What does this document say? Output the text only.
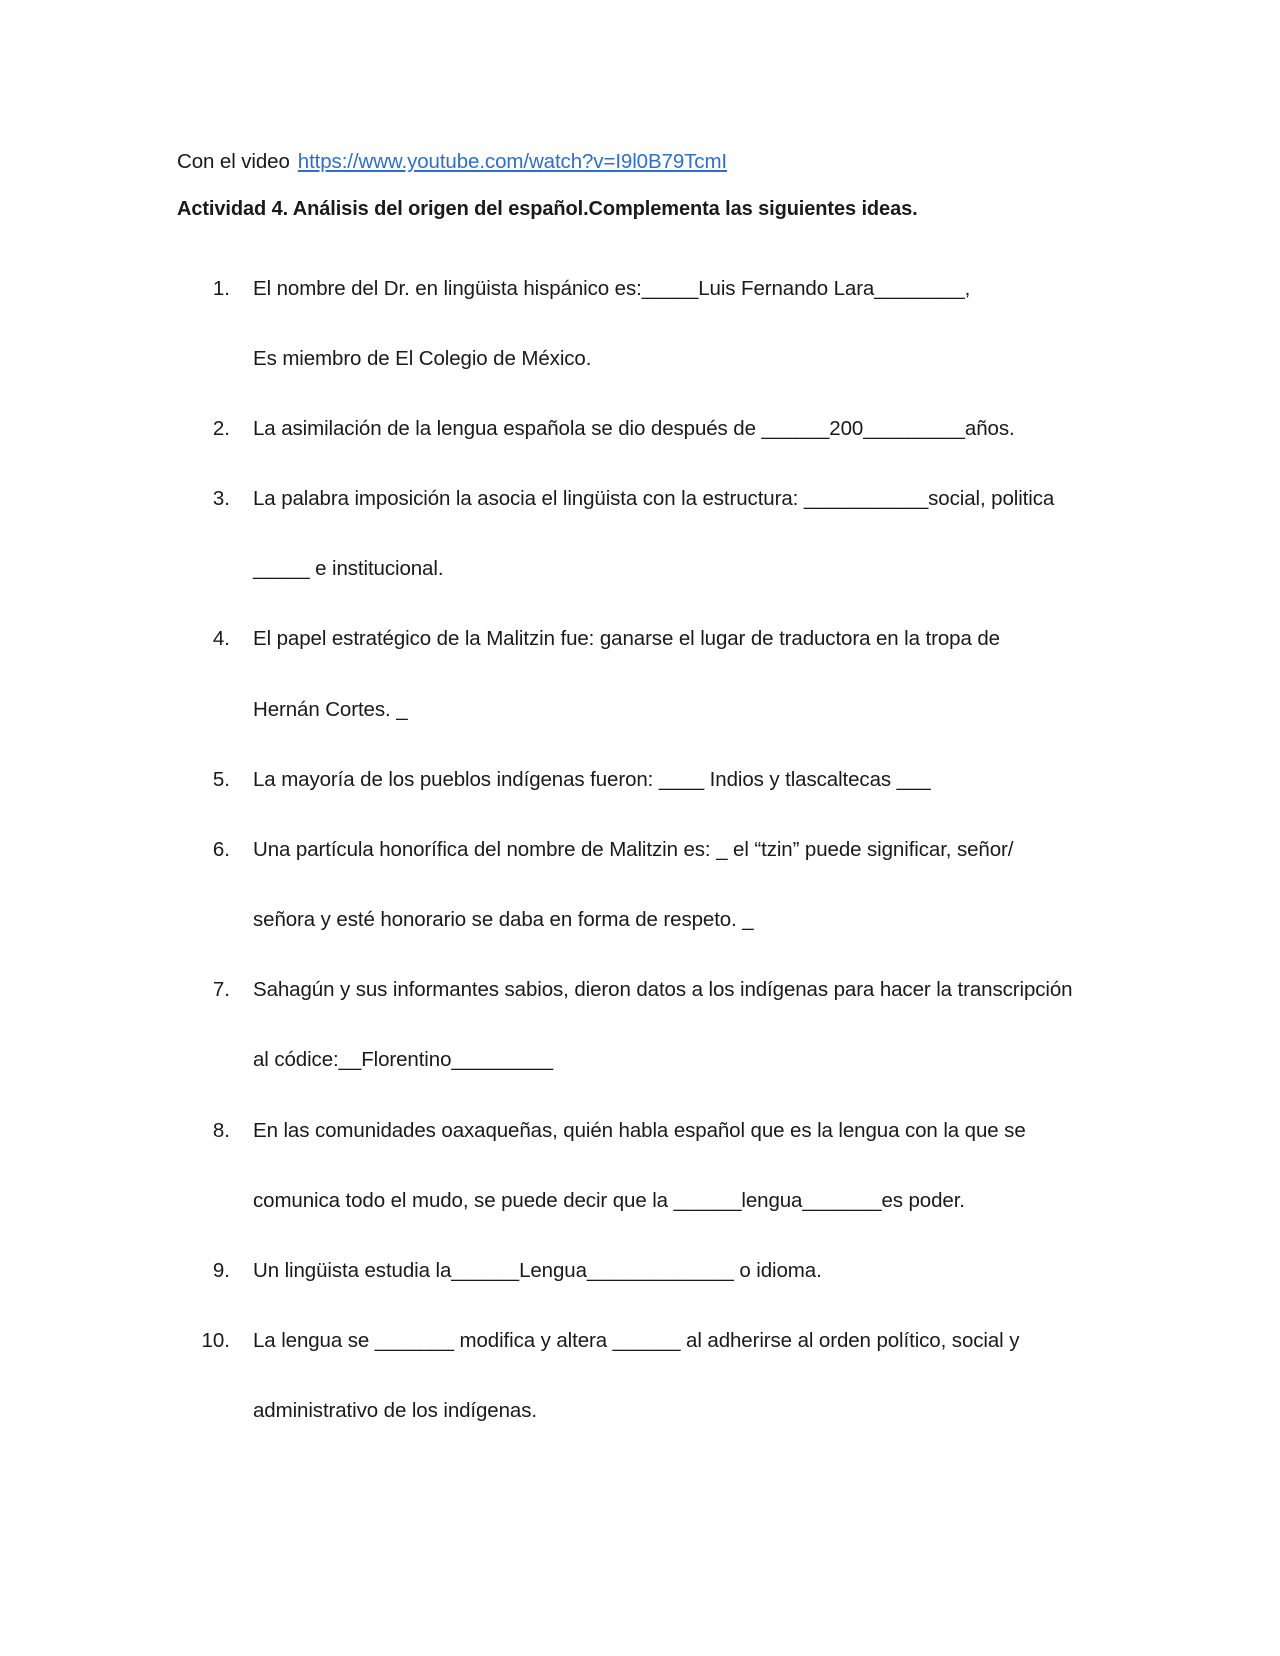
Con el video https://www.youtube.com/watch?v=I9l0B79TcmI
Actividad 4. Análisis del origen del español.Complementa las siguientes ideas.
1. El nombre del Dr. en lingüista hispánico es:_____Luis Fernando Lara________,
Es miembro de El Colegio de México.
2. La asimilación de la lengua española se dio después de ______200_________años.
3. La palabra imposición la asocia el lingüista con la estructura: ___________social, politica
_____ e institucional.
4. El papel estratégico de la Malitzin fue: ganarse el lugar de traductora en la tropa de
Hernán Cortes. _
5. La mayoría de los pueblos indígenas fueron: ____ Indios y tlascaltecas ___
6. Una partícula honorífica del nombre de Malitzin es: _ el “tzin” puede significar, señor/
señora y esté honorario se daba en forma de respeto. _
7. Sahagún y sus informantes sabios, dieron datos a los indígenas para hacer la transcripción
al códice:__Florentino_________
8. En las comunidades oaxaqueñas, quién habla español que es la lengua con la que se
comunica todo el mudo, se puede decir que la ______lengua_______es poder.
9. Un lingüista estudia la______Lengua_____________ o idioma.
10. La lengua se _______ modifica y altera ______ al adherirse al orden político, social y
administrativo de los indígenas.
